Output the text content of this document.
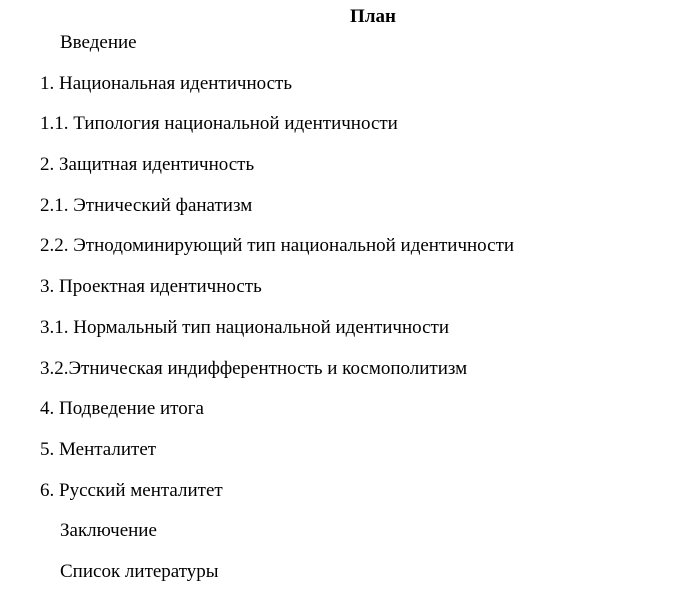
План
Введение
1. Национальная идентичность
1.1. Типология национальной идентичности
2. Защитная идентичность
2.1. Этнический фанатизм
2.2. Этнодоминирующий тип национальной идентичности
3. Проектная идентичность
3.1. Нормальный тип национальной идентичности
3.2.Этническая индифферентность и космополитизм
4. Подведение итога
5. Менталитет
6. Русский менталитет
Заключение
Список литературы
